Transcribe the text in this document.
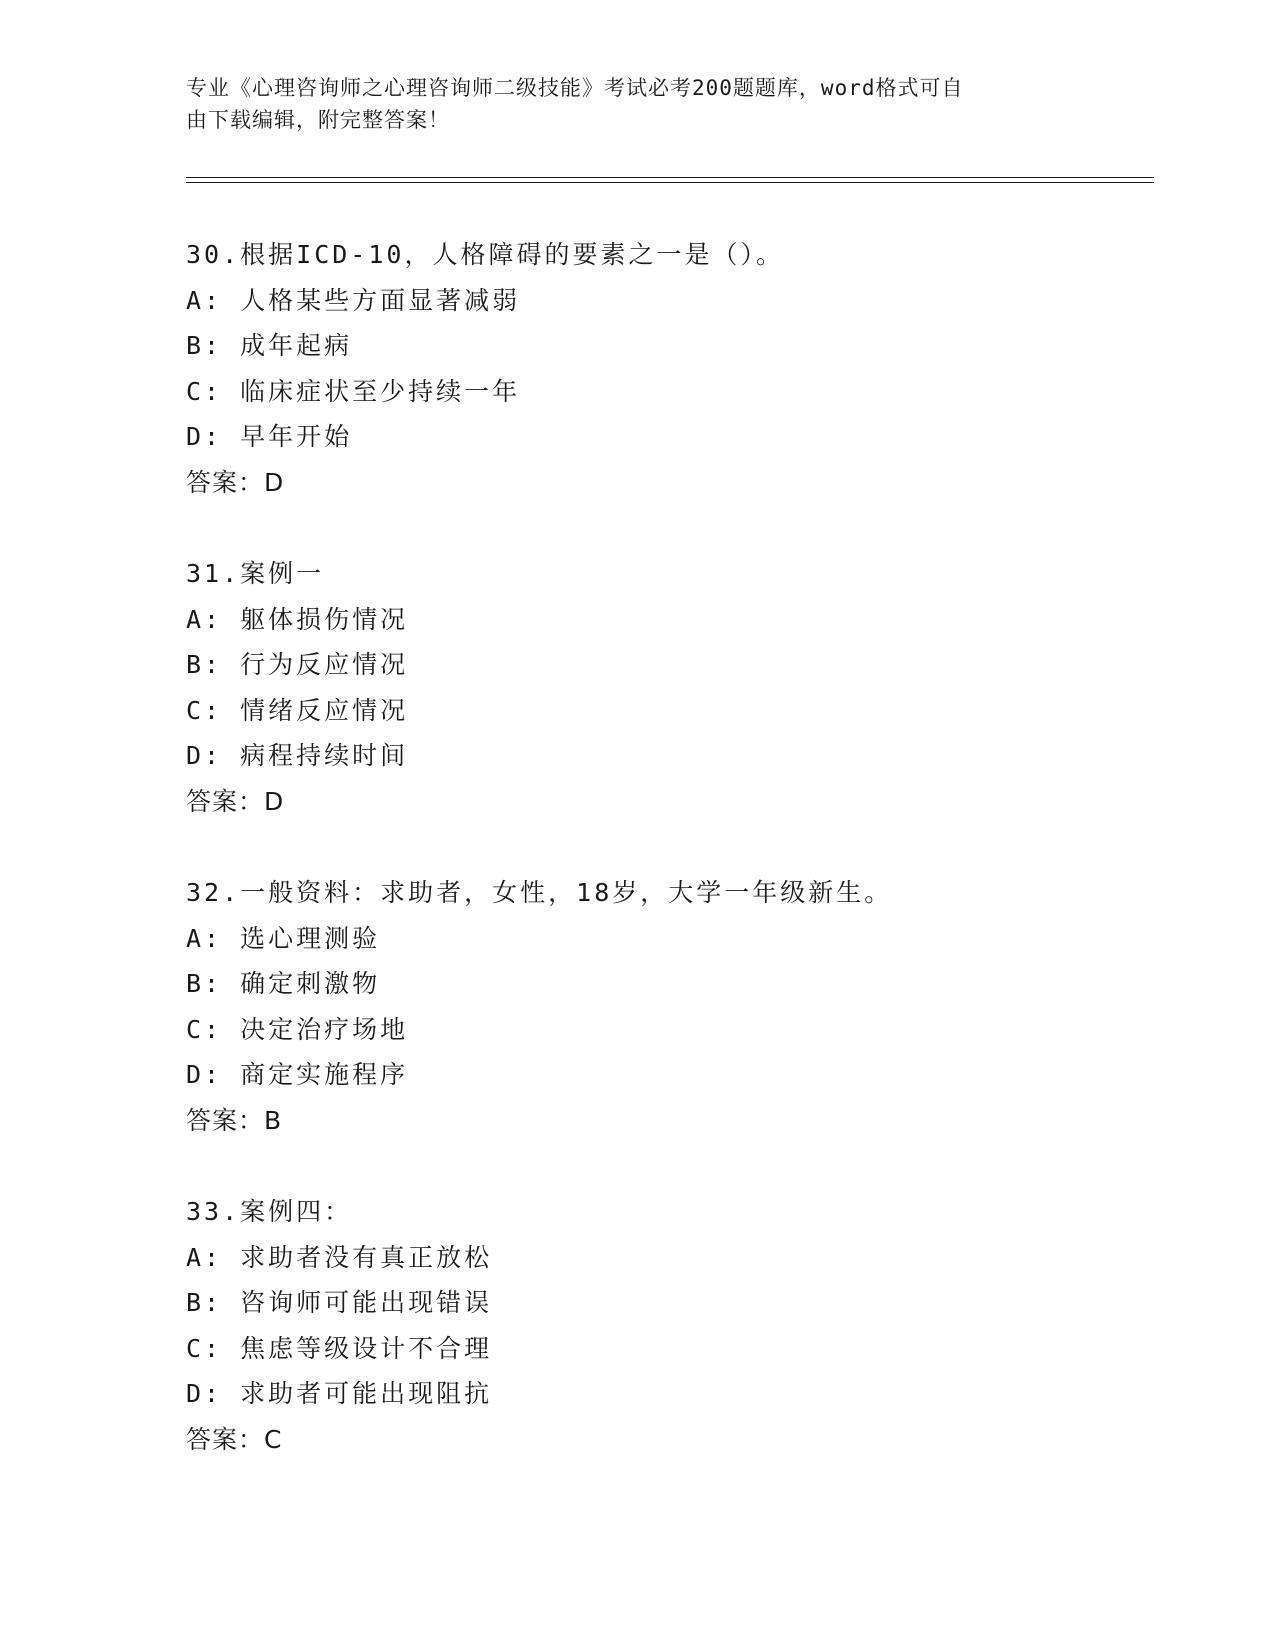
专业《心理咨询师之心理咨询师二级技能》考试必考200题题库，word格式可自
由下载编辑，附完整答案！
30.根据ICD-10，人格障碍的要素之一是（）。
A: 人格某些方面显著减弱
B: 成年起病
C: 临床症状至少持续一年
D: 早年开始
答案：D
31.案例一
A: 躯体损伤情况
B: 行为反应情况
C: 情绪反应情况
D: 病程持续时间
答案：D
32.一般资料：求助者，女性，18岁，大学一年级新生。
A: 选心理测验
B: 确定刺激物
C: 决定治疗场地
D: 商定实施程序
答案：B
33.案例四：
A: 求助者没有真正放松
B: 咨询师可能出现错误
C: 焦虑等级设计不合理
D: 求助者可能出现阻抗
答案：C
